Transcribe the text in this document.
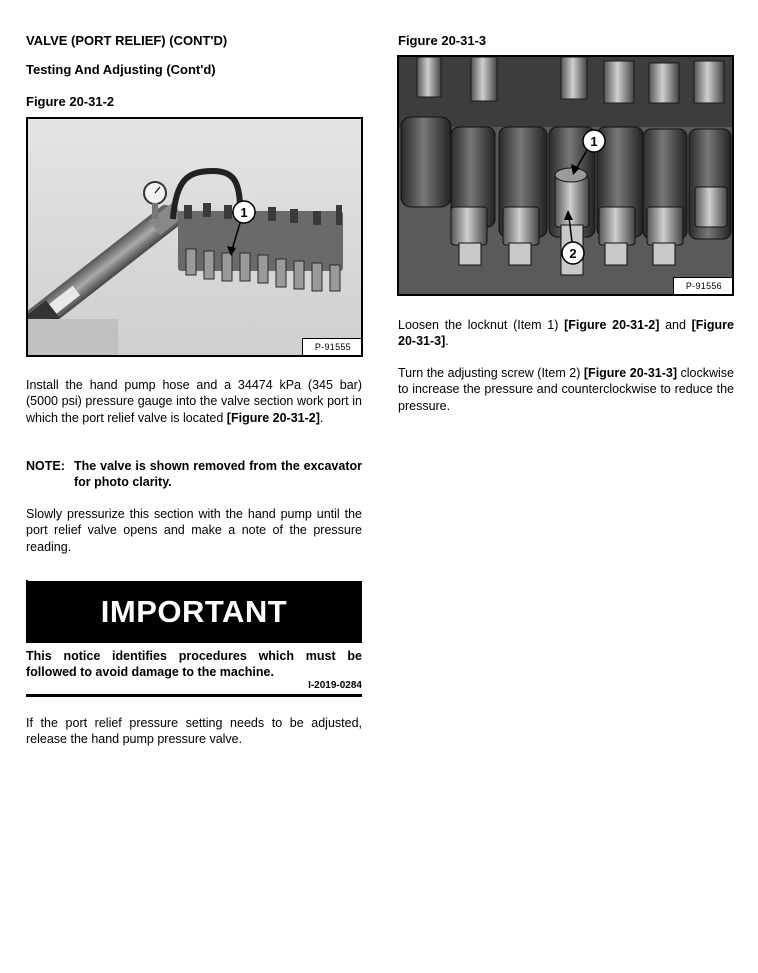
VALVE (PORT RELIEF) (CONT'D)
Testing And Adjusting (Cont'd)
Figure 20-31-2
1
P-91555
Install the hand pump hose and a 34474 kPa (345 bar) (5000 psi) pressure gauge into the valve section work port in which the port relief valve is located [Figure 20-31-2].
NOTE: The valve is shown removed from the excavator for photo clarity.
Slowly pressurize this section with the hand pump until the port relief valve opens and make a note of the pressure reading.
IMPORTANT
This notice identifies procedures which must be followed to avoid damage to the machine.
I-2019-0284
If the port relief pressure setting needs to be adjusted, release the hand pump pressure valve.
Figure 20-31-3
1
2
P-91556
Loosen the locknut (Item 1) [Figure 20-31-2] and [Figure 20-31-3].
Turn the adjusting screw (Item 2) [Figure 20-31-3] clockwise to increase the pressure and counterclockwise to reduce the pressure.
